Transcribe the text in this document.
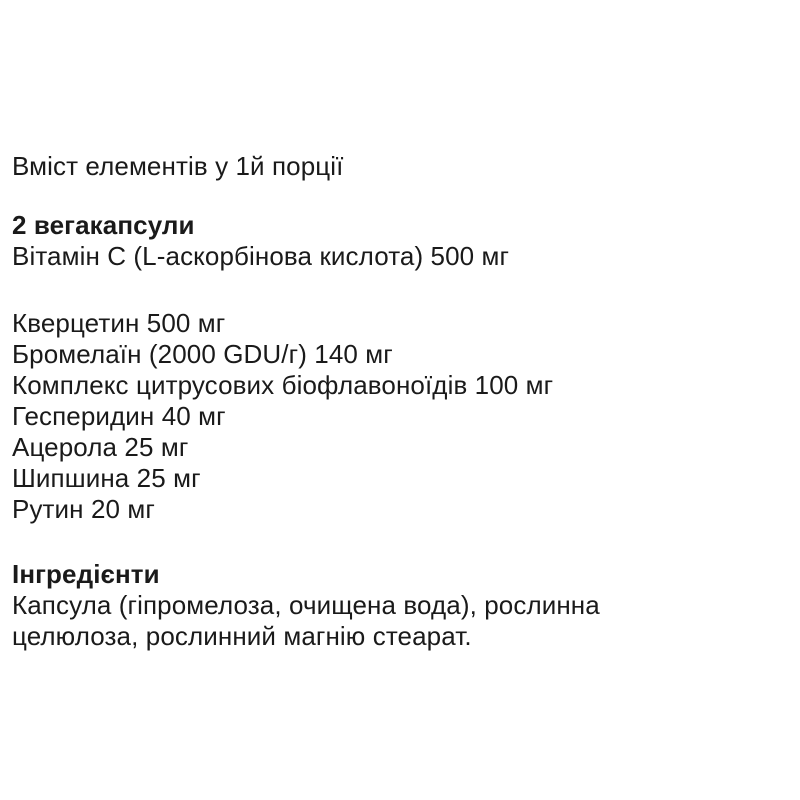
Вміст елементів у 1й порції
2 вегакапсули
Вітамін С (L-аскорбінова кислота) 500 мг
Кверцетин 500 мг
Бромелаїн (2000 GDU/г) 140 мг
Комплекс цитрусових біофлавоноїдів 100 мг
Гесперидин 40 мг
Ацерола 25 мг
Шипшина 25 мг
Рутин 20 мг
Інгредієнти
Капсула (гіпромелоза, очищена вода), рослинна
целюлоза, рослинний магнію стеарат.
